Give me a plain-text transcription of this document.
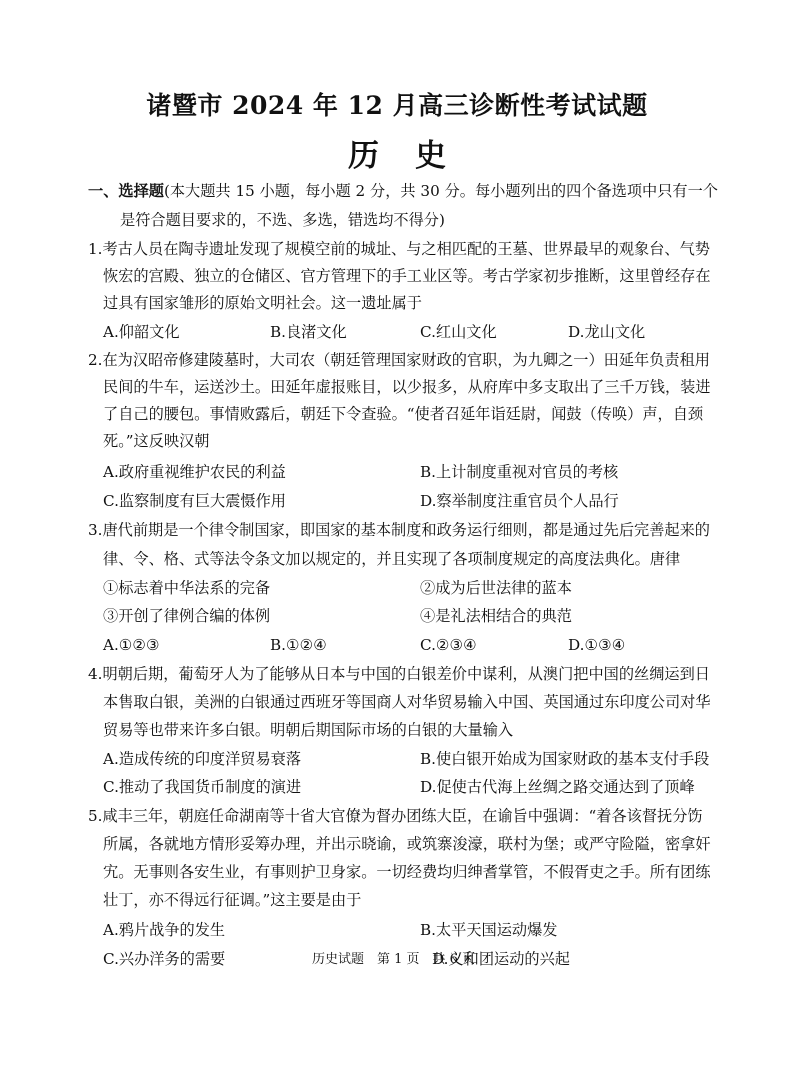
诸暨市 2024 年 12 月高三诊断性考试试题
历史
一、选择题(本大题共 15 小题，每小题 2 分，共 30 分。每小题列出的四个备选项中只有一个
是符合题目要求的，不选、多选，错选均不得分)
1.考古人员在陶寺遗址发现了规模空前的城址、与之相匹配的王墓、世界最早的观象台、气势
恢宏的宫殿、独立的仓储区、官方管理下的手工业区等。考古学家初步推断，这里曾经存在
过具有国家雏形的原始文明社会。这一遗址属于
A.仰韶文化	B.良渚文化	C.红山文化	D.龙山文化
2.在为汉昭帝修建陵墓时，大司农（朝廷管理国家财政的官职，为九卿之一）田延年负责租用
民间的牛车，运送沙土。田延年虚报账目，以少报多，从府库中多支取出了三千万钱，装进
了自己的腰包。事情败露后，朝廷下令查验。“使者召延年诣廷尉，闻鼓（传唤）声，自颈
死。”这反映汉朝
A.政府重视维护农民的利益	B.上计制度重视对官员的考核
C.监察制度有巨大震慑作用	D.察举制度注重官员个人品行
3.唐代前期是一个律令制国家，即国家的基本制度和政务运行细则，都是通过先后完善起来的
律、令、格、式等法令条文加以规定的，并且实现了各项制度规定的高度法典化。唐律
①标志着中华法系的完备	②成为后世法律的蓝本
③开创了律例合编的体例	④是礼法相结合的典范
A.①②③	B.①②④	C.②③④	D.①③④
4.明朝后期，葡萄牙人为了能够从日本与中国的白银差价中谋利，从澳门把中国的丝绸运到日
本售取白银，美洲的白银通过西班牙等国商人对华贸易输入中国、英国通过东印度公司对华
贸易等也带来许多白银。明朝后期国际市场的白银的大量输入
A.造成传统的印度洋贸易衰落	B.使白银开始成为国家财政的基本支付手段
C.推动了我国货币制度的演进	D.促使古代海上丝绸之路交通达到了顶峰
5.咸丰三年，朝庭任命湖南等十省大官僚为督办团练大臣，在谕旨中强调：“着各该督抚分饬
所属，各就地方情形妥筹办理，并出示晓谕，或筑寨浚濠，联村为堡；或严守险隘，密拿奸
宄。无事则各安生业，有事则护卫身家。一切经费均归绅耆掌管，不假胥吏之手。所有团练
壮丁，亦不得远行征调。”这主要是由于
A.鸦片战争的发生	B.太平天国运动爆发
C.兴办洋务的需要	D.义和团运动的兴起
历史试题　第 1 页　共 6 页
